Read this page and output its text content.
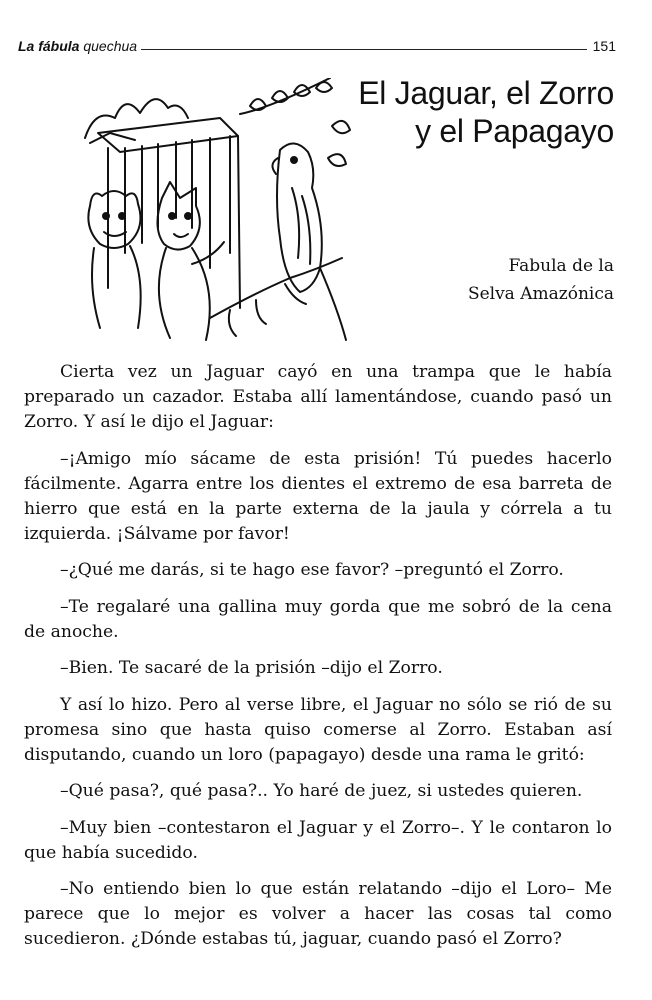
La fábula quechua	151
El Jaguar, el Zorro
y el Papagayo
Fabula de la
Selva Amazónica

Cierta vez un Jaguar cayó en una trampa que le había preparado un cazador. Estaba allí lamentándose, cuando pasó un Zorro. Y así le dijo el Jaguar:

–¡Amigo mío sácame de esta prisión! Tú puedes hacerlo fácilmente. Agarra entre los dientes el extremo de esa barreta de hierro que está en la parte externa de la jaula y córrela a tu izquierda. ¡Sálvame por favor!

–¿Qué me darás, si te hago ese favor? –preguntó el Zorro.

–Te regalaré una gallina muy gorda que me sobró de la cena de anoche.

–Bien. Te sacaré de la prisión –dijo el Zorro.

Y así lo hizo. Pero al verse libre, el Jaguar no sólo se rió de su promesa sino que hasta quiso comerse al Zorro. Estaban así disputando, cuando un loro (papagayo) desde una rama le gritó:

–Qué pasa?, qué pasa?.. Yo haré de juez, si ustedes quieren.

–Muy bien –contestaron el Jaguar y el Zorro–. Y le contaron lo que había sucedido.

–No entiendo bien lo que están relatando –dijo el Loro– Me parece que lo mejor es volver a hacer las cosas tal como sucedieron. ¿Dónde estabas tú, jaguar, cuando pasó el Zorro?
